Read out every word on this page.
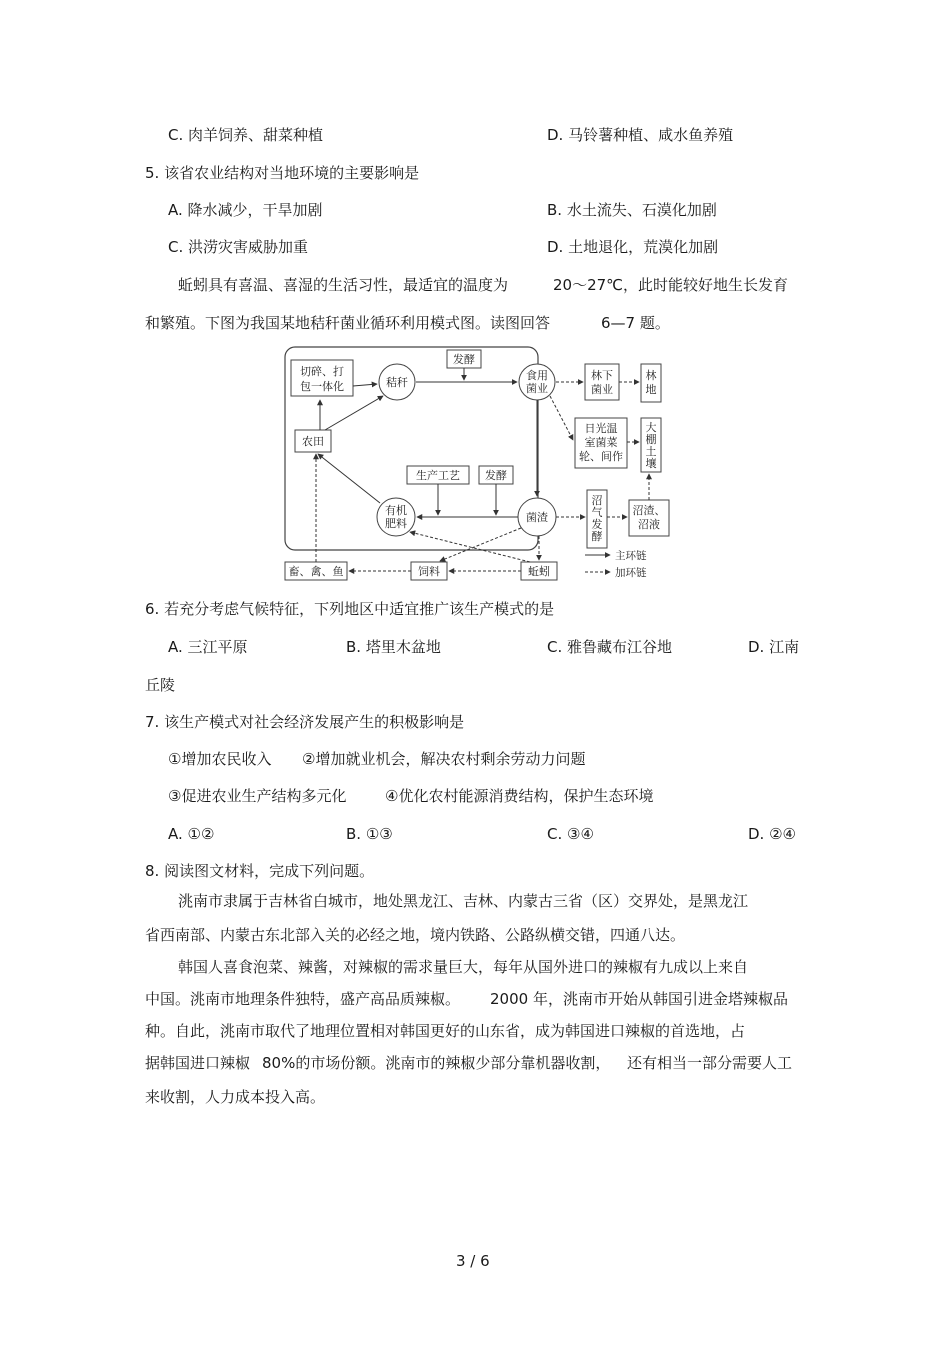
C. 肉羊饲养、甜菜种植	D. 马铃薯种植、咸水鱼养殖
5. 该省农业结构对当地环境的主要影响是
A. 降水减少，干旱加剧	B. 水土流失、石漠化加剧
C. 洪涝灾害威胁加重	D. 土地退化，荒漠化加剧
蚯蚓具有喜温、喜湿的生活习性，最适宜的温度为	20～27℃，此时能较好地生长发育
和繁殖。下图为我国某地秸秆菌业循环利用模式图。读图回答	6—7 题。
切碎、打
包一体化	秸秆
发酵
食用
菌业
林下
菌业
林
地
农田
日光温
室菌菜
轮、间作
大
棚
土
壤
生产工艺 发酵
有机
肥料	菌渣
沼
气
发
酵
沼渣、
沼液
畜、禽、鱼	饲料	蚯蚓
主环链
加环链
6. 若充分考虑气候特征，下列地区中适宜推广该生产模式的是
A. 三江平原	B. 塔里木盆地	C. 雅鲁藏布江谷地	D. 江南
丘陵
7. 该生产模式对社会经济发展产生的积极影响是
①增加农民收入 ②增加就业机会，解决农村剩余劳动力问题
③促进农业生产结构多元化	④优化农村能源消费结构，保护生态环境
A. ①②	B. ①③	C. ③④	D. ②④
8. 阅读图文材料，完成下列问题。
洮南市隶属于吉林省白城市，地处黑龙江、吉林、内蒙古三省（区）交界处，是黑龙江
省西南部、内蒙古东北部入关的必经之地，境内铁路、公路纵横交错，四通八达。
韩国人喜食泡菜、辣酱，对辣椒的需求量巨大，每年从国外进口的辣椒有九成以上来自
中国。洮南市地理条件独特，盛产高品质辣椒。 2000 年，洮南市开始从韩国引进金塔辣椒品
种。自此，洮南市取代了地理位置相对韩国更好的山东省，成为韩国进口辣椒的首选地，占
据韩国进口辣椒 80%的市场份额。洮南市的辣椒少部分靠机器收割， 还有相当一部分需要人工
来收割，人力成本投入高。
3 / 6
